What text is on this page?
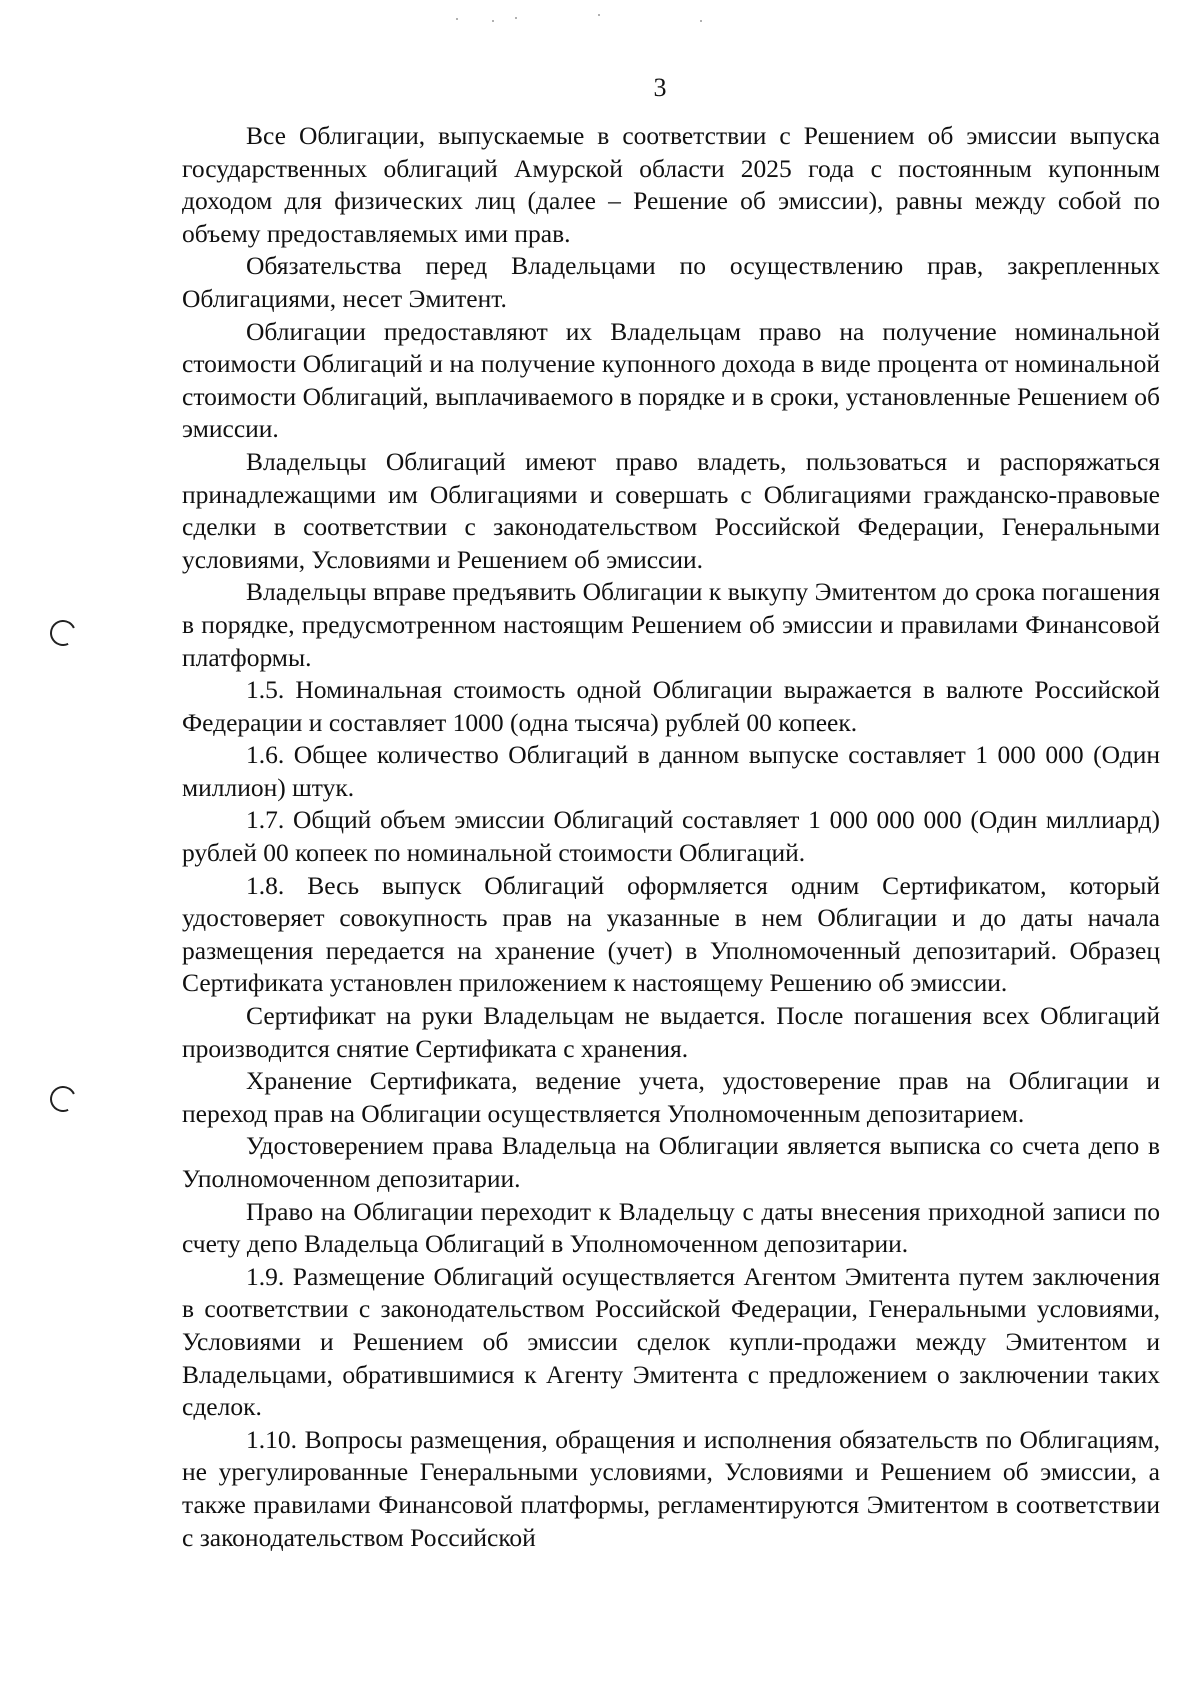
3

Все Облигации, выпускаемые в соответствии с Решением об эмиссии выпуска государственных облигаций Амурской области 2025 года с постоянным купонным доходом для физических лиц (далее – Решение об эмиссии), равны между собой по объему предоставляемых ими прав.

Обязательства перед Владельцами по осуществлению прав, закрепленных Облигациями, несет Эмитент.

Облигации предоставляют их Владельцам право на получение номинальной стоимости Облигаций и на получение купонного дохода в виде процента от номинальной стоимости Облигаций, выплачиваемого в порядке и в сроки, установленные Решением об эмиссии.

Владельцы Облигаций имеют право владеть, пользоваться и распоряжаться принадлежащими им Облигациями и совершать с Облигациями гражданско-правовые сделки в соответствии с законодательством Российской Федерации, Генеральными условиями, Условиями и Решением об эмиссии.

Владельцы вправе предъявить Облигации к выкупу Эмитентом до срока погашения в порядке, предусмотренном настоящим Решением об эмиссии и правилами Финансовой платформы.

1.5. Номинальная стоимость одной Облигации выражается в валюте Российской Федерации и составляет 1000 (одна тысяча) рублей 00 копеек.

1.6. Общее количество Облигаций в данном выпуске составляет 1 000 000 (Один миллион) штук.

1.7. Общий объем эмиссии Облигаций составляет 1 000 000 000 (Один миллиард) рублей 00 копеек по номинальной стоимости Облигаций.

1.8. Весь выпуск Облигаций оформляется одним Сертификатом, который удостоверяет совокупность прав на указанные в нем Облигации и до даты начала размещения передается на хранение (учет) в Уполномоченный депозитарий. Образец Сертификата установлен приложением к настоящему Решению об эмиссии.

Сертификат на руки Владельцам не выдается. После погашения всех Облигаций производится снятие Сертификата с хранения.

Хранение Сертификата, ведение учета, удостоверение прав на Облигации и переход прав на Облигации осуществляется Уполномоченным депозитарием.

Удостоверением права Владельца на Облигации является выписка со счета депо в Уполномоченном депозитарии.

Право на Облигации переходит к Владельцу с даты внесения приходной записи по счету депо Владельца Облигаций в Уполномоченном депозитарии.

1.9. Размещение Облигаций осуществляется Агентом Эмитента путем заключения в соответствии с законодательством Российской Федерации, Генеральными условиями, Условиями и Решением об эмиссии сделок купли-продажи между Эмитентом и Владельцами, обратившимися к Агенту Эмитента с предложением о заключении таких сделок.

1.10. Вопросы размещения, обращения и исполнения обязательств по Облигациям, не урегулированные Генеральными условиями, Условиями и Решением об эмиссии, а также правилами Финансовой платформы, регламентируются Эмитентом в соответствии с законодательством Российской
